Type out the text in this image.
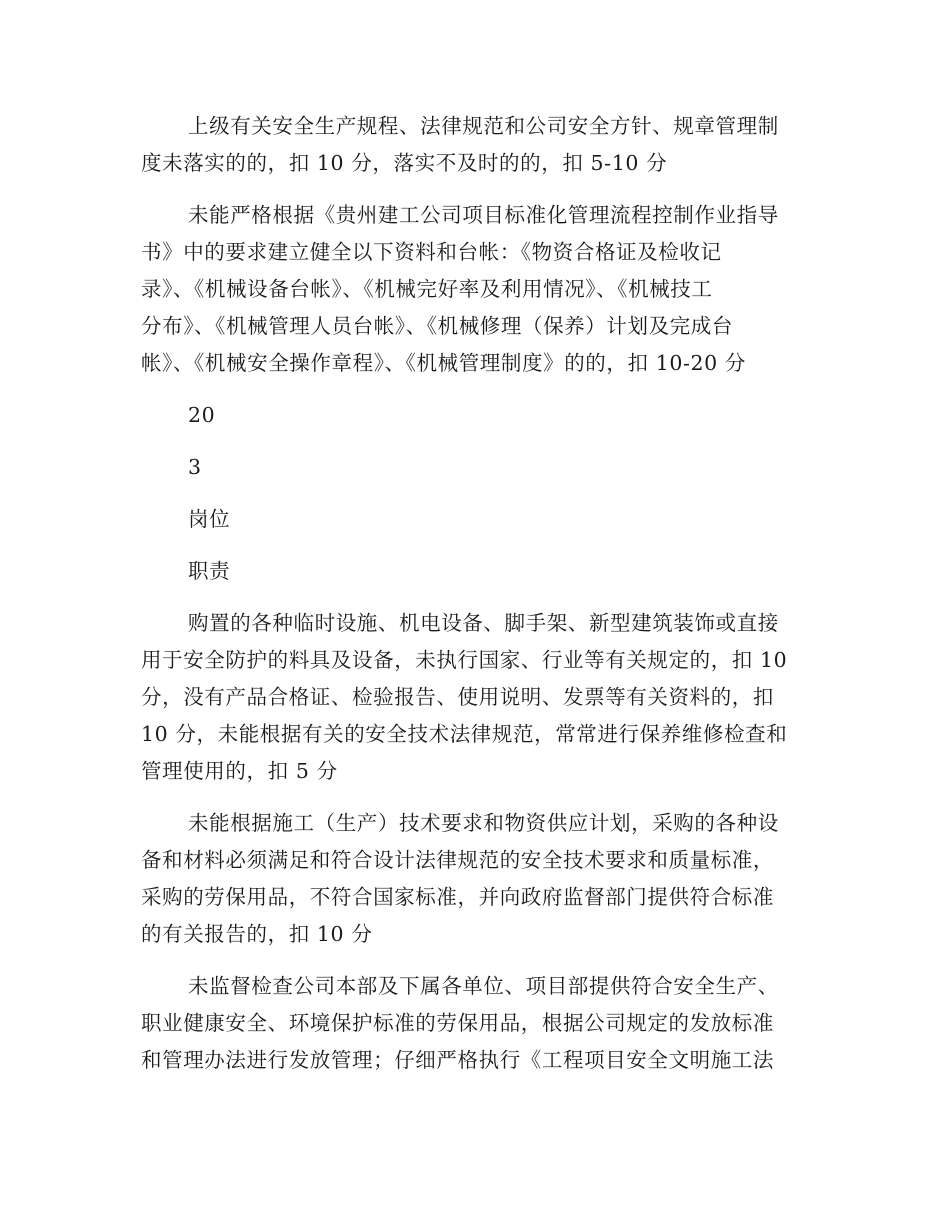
上级有关安全生产规程、法律规范和公司安全方针、规章管理制
度未落实的的，扣 10 分，落实不及时的的，扣 5-10 分

未能严格根据《贵州建工公司项目标准化管理流程控制作业指导
书》中的要求建立健全以下资料和台帐：《物资合格证及检收记
录》、《机械设备台帐》、《机械完好率及利用情况》、《机械技工
分布》、《机械管理人员台帐》、《机械修理（保养）计划及完成台
帐》、《机械安全操作章程》、《机械管理制度》的的，扣 10-20 分

20

3

岗位

职责

购置的各种临时设施、机电设备、脚手架、新型建筑装饰或直接
用于安全防护的料具及设备，未执行国家、行业等有关规定的，扣 10
分，没有产品合格证、检验报告、使用说明、发票等有关资料的，扣
10 分，未能根据有关的安全技术法律规范，常常进行保养维修检查和
管理使用的，扣 5 分

未能根据施工（生产）技术要求和物资供应计划，采购的各种设
备和材料必须满足和符合设计法律规范的安全技术要求和质量标准，
采购的劳保用品，不符合国家标准，并向政府监督部门提供符合标准
的有关报告的，扣 10 分

未监督检查公司本部及下属各单位、项目部提供符合安全生产、
职业健康安全、环境保护标准的劳保用品，根据公司规定的发放标准
和管理办法进行发放管理；仔细严格执行《工程项目安全文明施工法
